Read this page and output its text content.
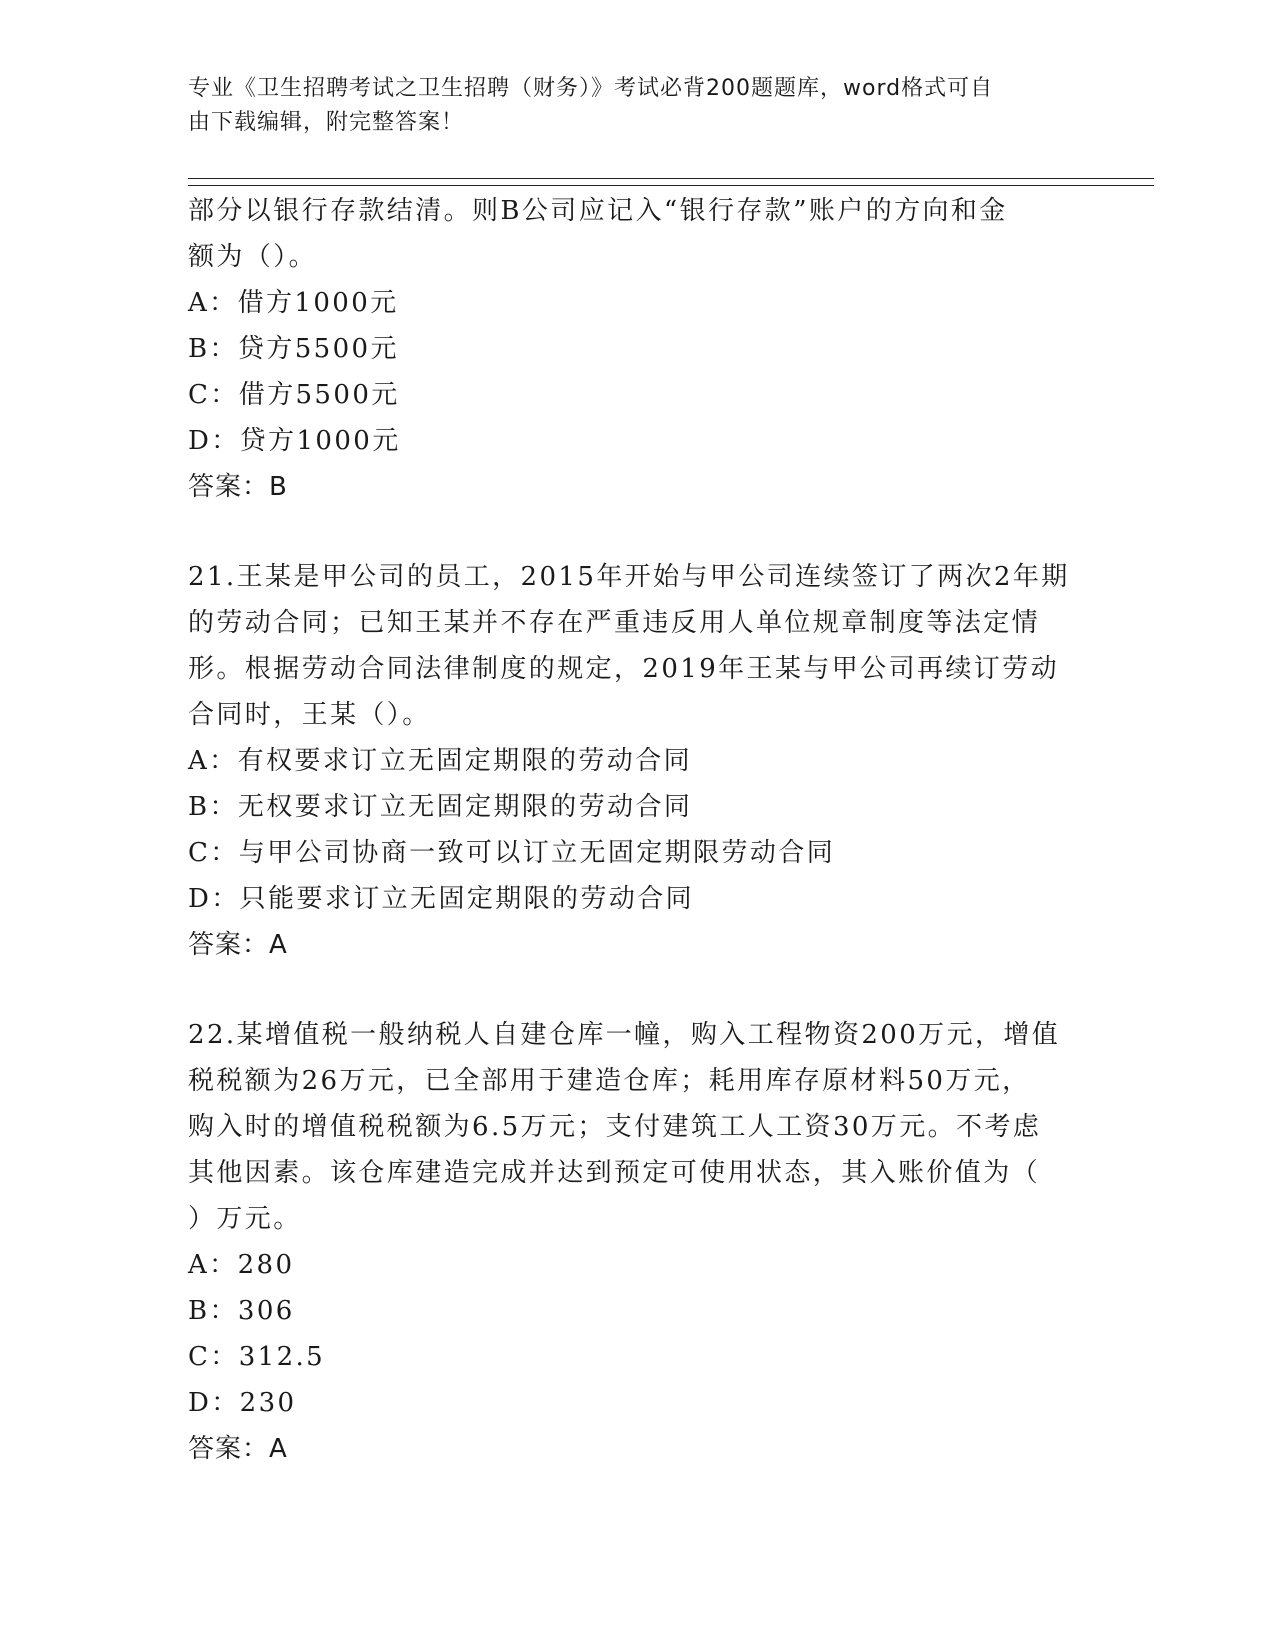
专业《卫生招聘考试之卫生招聘（财务）》考试必背200题题库，word格式可自
由下载编辑，附完整答案！
部分以银行存款结清。则B公司应记入“银行存款”账户的方向和金
额为（）。
A：借方1000元
B：贷方5500元
C：借方5500元
D：贷方1000元
答案：B
21.王某是甲公司的员工，2015年开始与甲公司连续签订了两次2年期
的劳动合同；已知王某并不存在严重违反用人单位规章制度等法定情
形。根据劳动合同法律制度的规定，2019年王某与甲公司再续订劳动
合同时，王某（）。
A：有权要求订立无固定期限的劳动合同
B：无权要求订立无固定期限的劳动合同
C：与甲公司协商一致可以订立无固定期限劳动合同
D：只能要求订立无固定期限的劳动合同
答案：A
22.某增值税一般纳税人自建仓库一幢，购入工程物资200万元，增值
税税额为26万元，已全部用于建造仓库；耗用库存原材料50万元，
购入时的增值税税额为6.5万元；支付建筑工人工资30万元。不考虑
其他因素。该仓库建造完成并达到预定可使用状态，其入账价值为（
）万元。
A：280
B：306
C：312.5
D：230
答案：A
